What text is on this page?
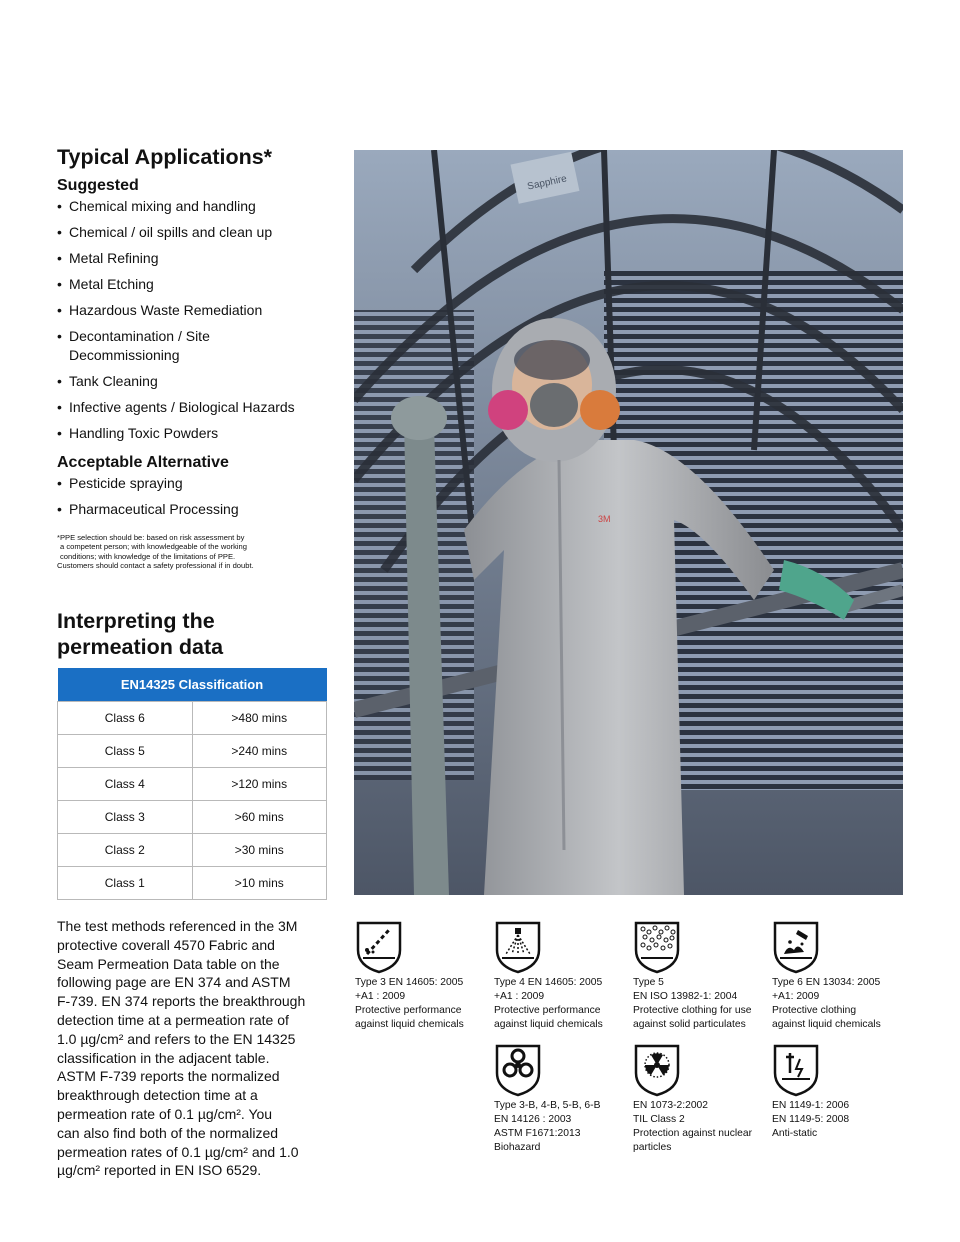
Typical Applications*
Suggested
• Chemical mixing and handling
• Chemical / oil spills and clean up
• Metal Refining
• Metal Etching
• Hazardous Waste Remediation
• Decontamination / Site Decommissioning
• Tank Cleaning
• Infective agents / Biological Hazards
• Handling Toxic Powders
Acceptable Alternative
• Pesticide spraying
• Pharmaceutical Processing
*PPE selection should be: based on risk assessment by
a competent person; with knowledgeable of the working
conditions; with knowledge of the limitations of PPE.
Customers should contact a safety professional if in doubt.
Interpreting the
permeation data
EN14325 Classification	
Class 6	>480 mins
Class 5	>240 mins
Class 4	>120 mins
Class 3	>60 mins
Class 2	>30 mins
Class 1	>10 mins
The test methods referenced in the 3M
protective coverall 4570 Fabric and
Seam Permeation Data table on the
following page are EN 374 and ASTM
F-739. EN 374 reports the breakthrough
detection time at a permeation rate of
1.0 µg/cm² and refers to the EN 14325
classification in the adjacent table.
ASTM F-739 reports the normalized
breakthrough detection time at a
permeation rate of 0.1 µg/cm². You
can also find both of the normalized
permeation rates of 0.1 µg/cm² and 1.0
µg/cm² reported in EN ISO 6529.
Sapphire
3M
Type 3 EN 14605: 2005
+A1 : 2009
Protective performance
against liquid chemicals
Type 4 EN 14605: 2005
+A1 : 2009
Protective performance
against liquid chemicals
Type 5
EN ISO 13982-1: 2004
Protective clothing for use
against solid particulates
Type 6 EN 13034: 2005
+A1: 2009
Protective clothing
against liquid chemicals
Type 3-B, 4-B, 5-B, 6-B
EN 14126 : 2003
ASTM F1671:2013
Biohazard
EN 1073-2:2002
TIL Class 2
Protection against nuclear
particles
EN 1149-1: 2006
EN 1149-5: 2008
Anti-static
